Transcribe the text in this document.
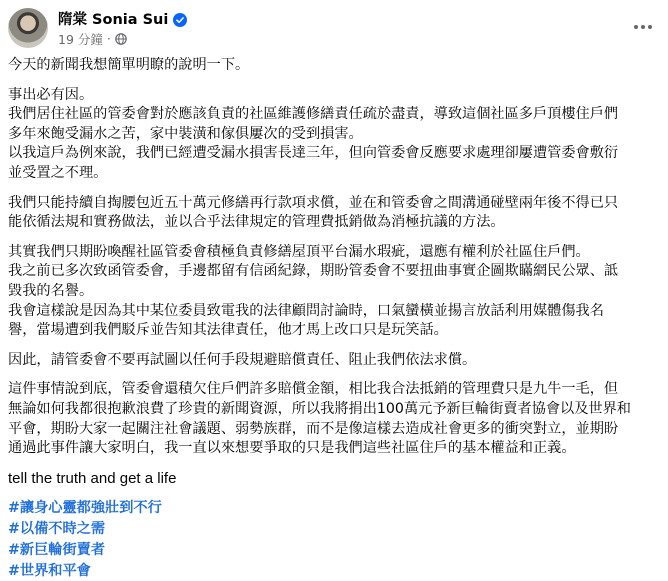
隋棠 Sonia Sui
19 分鐘 ·

今天的新聞我想簡單明瞭的說明一下。

事出必有因。
我們居住社區的管委會對於應該負責的社區維護修繕責任疏於盡責，導致這個社區多戶頂樓住戶們
多年來飽受漏水之苦，家中裝潢和傢俱屢次的受到損害。
以我這戶為例來說，我們已經遭受漏水損害長達三年，但向管委會反應要求處理卻屢遭管委會敷衍
並受置之不理。

我們只能持續自掏腰包近五十萬元修繕再行款項求償，並在和管委會之間溝通碰壁兩年後不得已只
能依循法規和實務做法，並以合乎法律規定的管理費抵銷做為消極抗議的方法。

其實我們只期盼喚醒社區管委會積極負責修繕屋頂平台漏水瑕疵，還應有權利於社區住戶們。
我之前已多次致函管委會，手邊都留有信函紀錄，期盼管委會不要扭曲事實企圖欺瞞網民公眾、詆
毀我的名譽。
我會這樣說是因為其中某位委員致電我的法律顧問討論時，口氣蠻橫並揚言放話利用媒體傷我名
譽，當場遭到我們駁斥並告知其法律責任，他才馬上改口只是玩笑話。

因此，請管委會不要再試圖以任何手段規避賠償責任、阻止我們依法求償。

這件事情說到底，管委會還積欠住戶們許多賠償金額，相比我合法抵銷的管理費只是九牛一毛，但
無論如何我都很抱歉浪費了珍貴的新聞資源，所以我將捐出100萬元予新巨輪街賣者協會以及世界和
平會，期盼大家一起關注社會議題、弱勢族群，而不是像這樣去造成社會更多的衝突對立，並期盼
通過此事件讓大家明白，我一直以來想要爭取的只是我們這些社區住戶的基本權益和正義。

tell the truth and get a life

#讓身心靈都強壯到不行
#以備不時之需
#新巨輪街賣者
#世界和平會
